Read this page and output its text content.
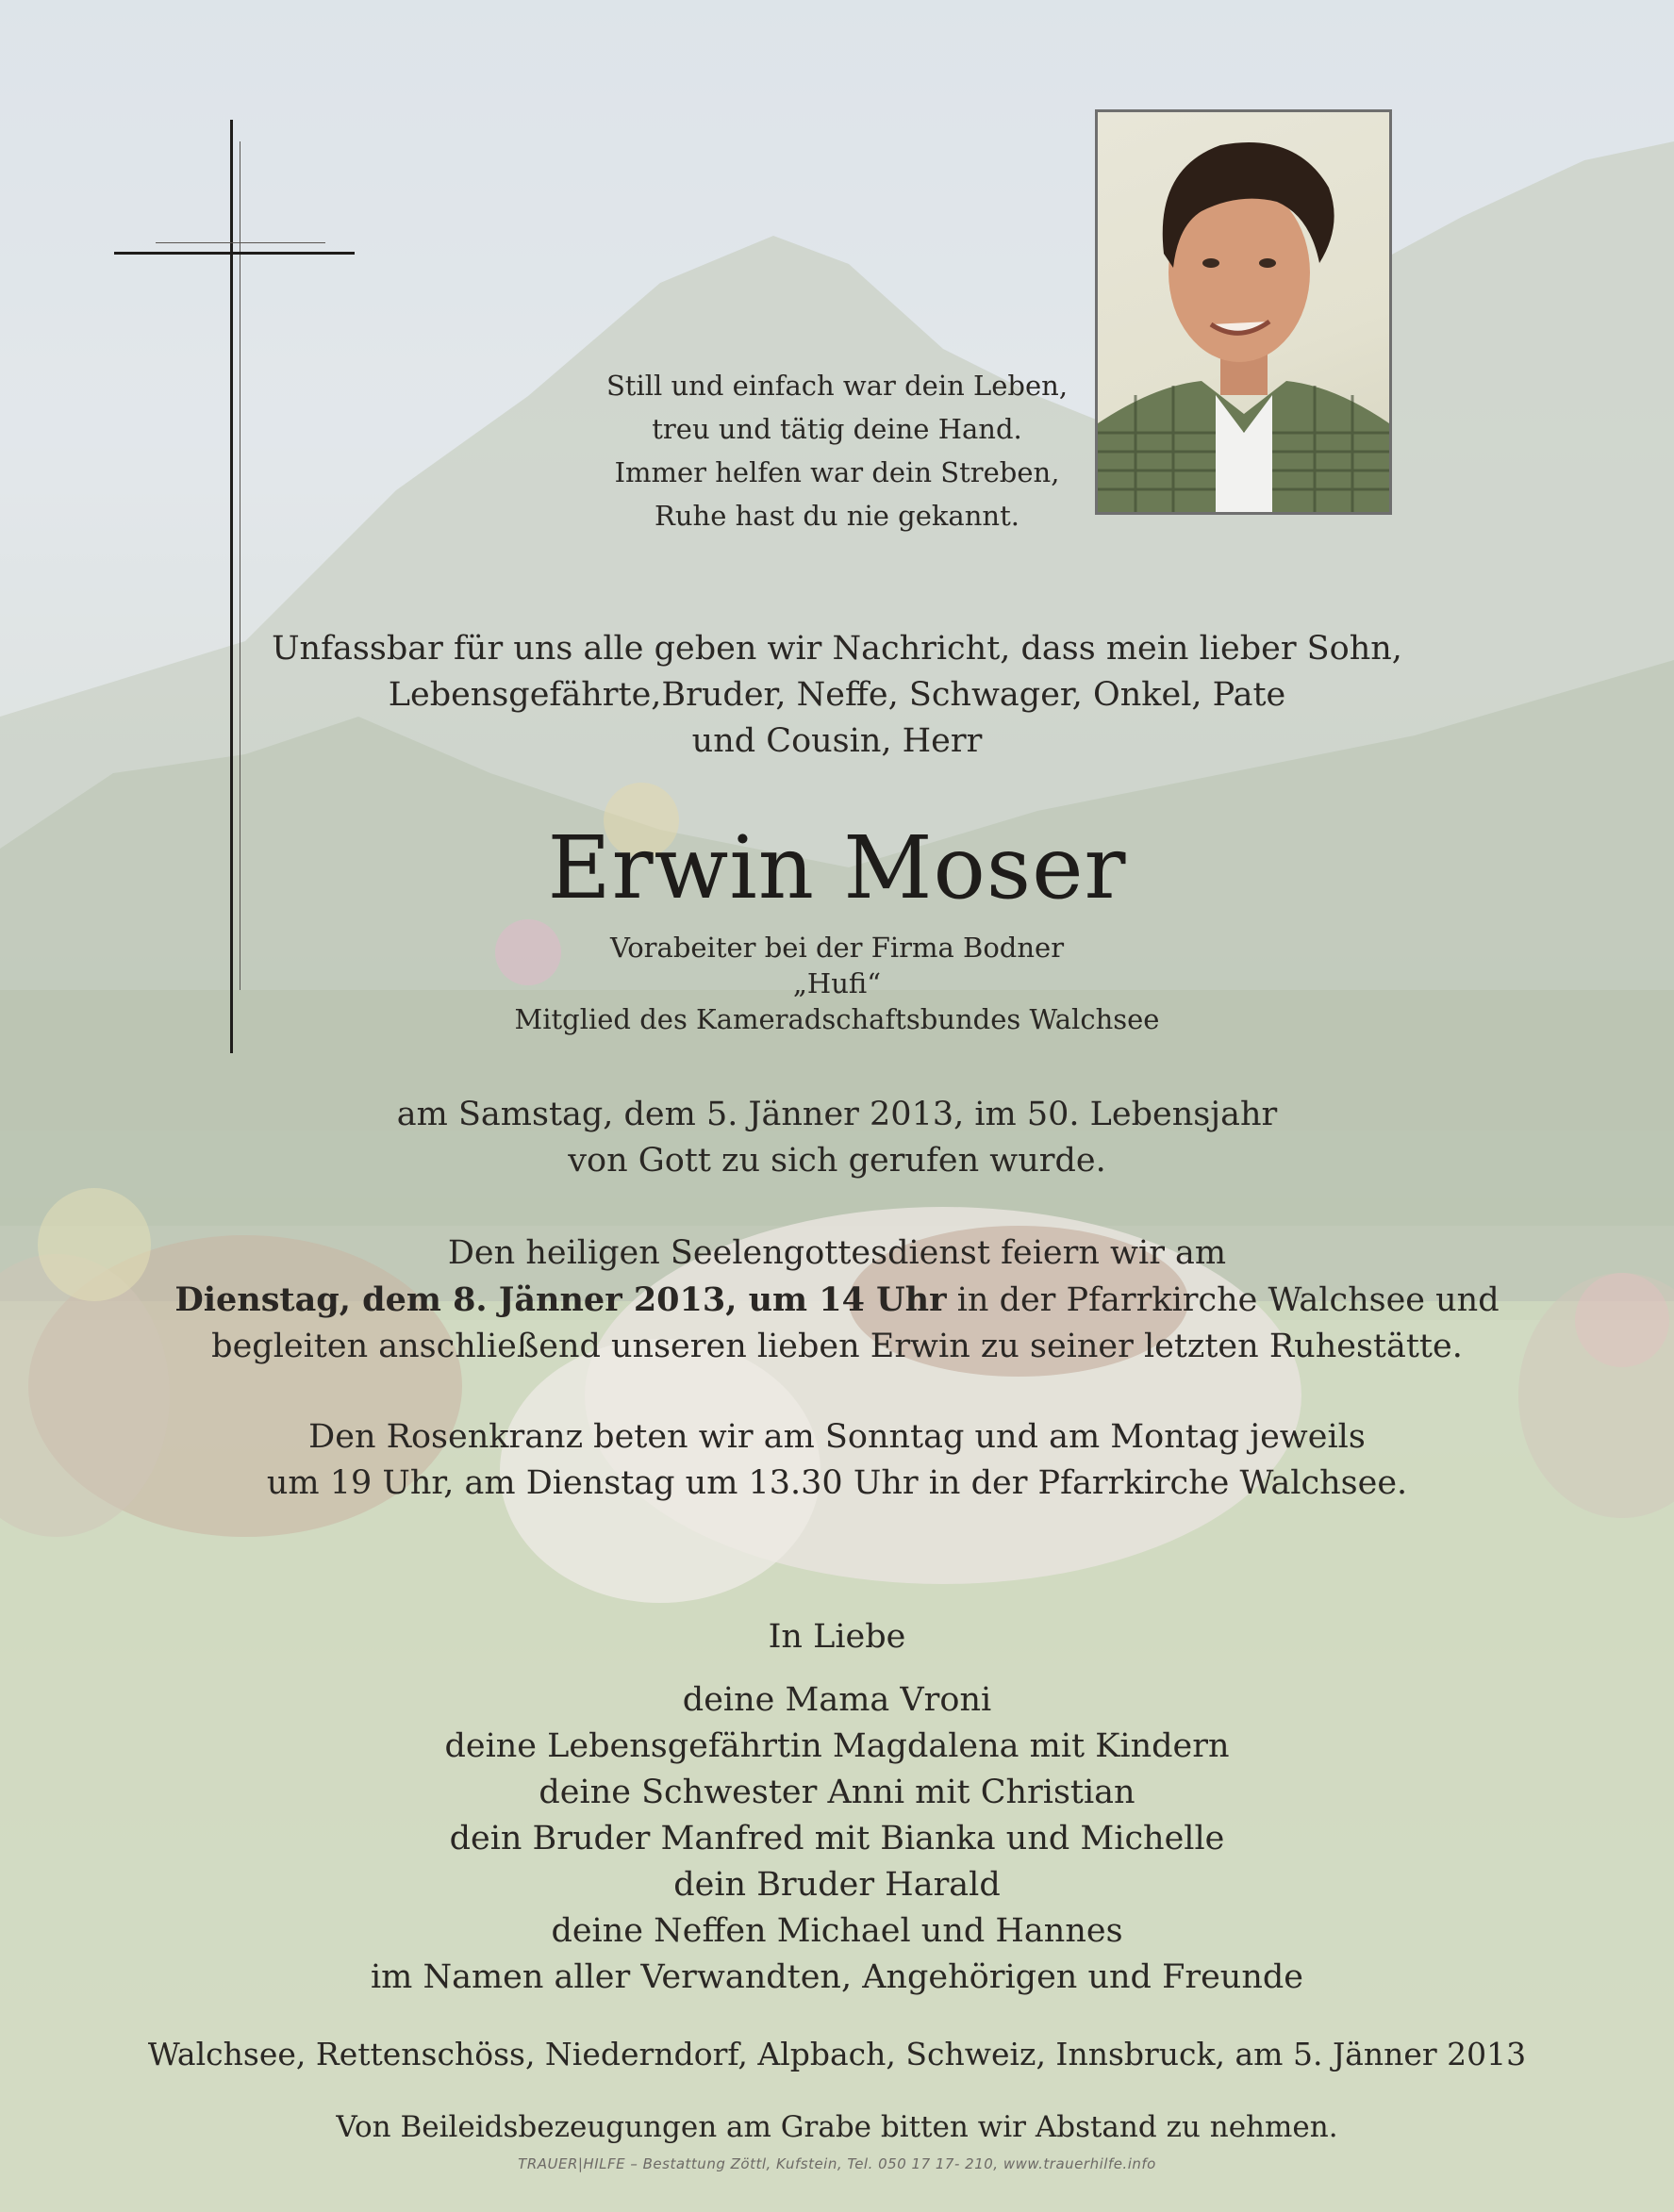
Still und einfach war dein Leben,
treu und tätig deine Hand.
Immer helfen war dein Streben,
Ruhe hast du nie gekannt.
Unfassbar für uns alle geben wir Nachricht, dass mein lieber Sohn,
Lebensgefährte,Bruder, Neffe, Schwager, Onkel, Pate
und Cousin, Herr
Erwin Moser
Vorabeiter bei der Firma Bodner
„Hufi“
Mitglied des Kameradschaftsbundes Walchsee
am Samstag, dem 5. Jänner 2013, im 50. Lebensjahr
von Gott zu sich gerufen wurde.
Den heiligen Seelengottesdienst feiern wir am
Dienstag, dem 8. Jänner 2013, um 14 Uhr in der Pfarrkirche Walchsee und
begleiten anschließend unseren lieben Erwin zu seiner letzten Ruhestätte.
Den Rosenkranz beten wir am Sonntag und am Montag jeweils
um 19 Uhr, am Dienstag um 13.30 Uhr in der Pfarrkirche Walchsee.
In Liebe
deine Mama Vroni
deine Lebensgefährtin Magdalena mit Kindern
deine Schwester Anni mit Christian
dein Bruder Manfred mit Bianka und Michelle
dein Bruder Harald
deine Neffen Michael und Hannes
im Namen aller Verwandten, Angehörigen und Freunde
Walchsee, Rettenschöss, Niederndorf, Alpbach, Schweiz, Innsbruck, am 5. Jänner 2013
Von Beileidsbezeugungen am Grabe bitten wir Abstand zu nehmen.
TRAUER|HILFE – Bestattung Zöttl, Kufstein, Tel. 050 17 17- 210, www.trauerhilfe.info
